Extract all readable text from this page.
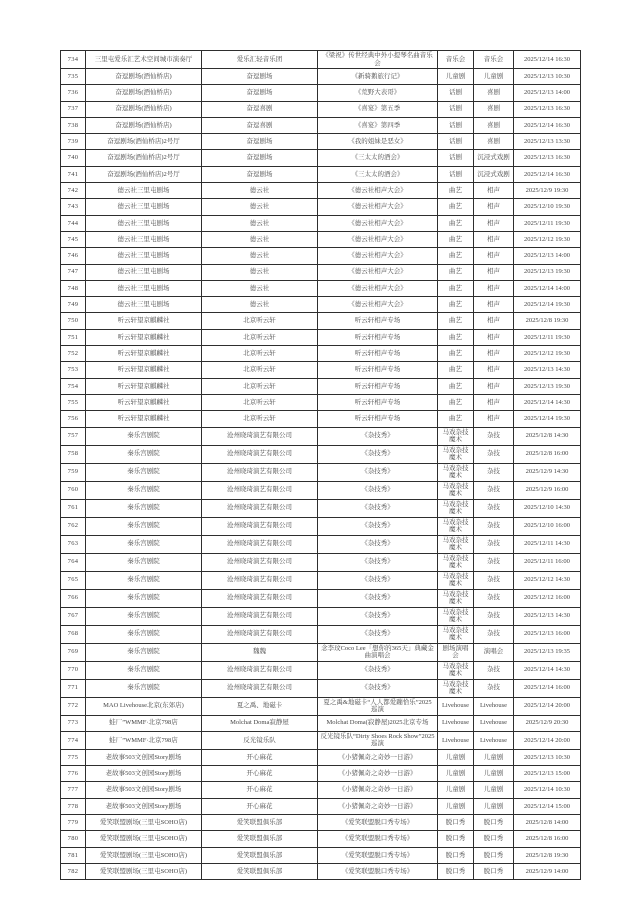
734	三里屯爱乐汇艺术空间城市演奏厅	爱乐汇轻音乐团	《梁祝》传世经典中外小提琴名曲音乐会	音乐会	音乐会	2025/12/14 16:30
735	奋逗剧场(酒仙桥店)	奋逗剧场	《新骑鹅旅行记》	儿童剧	儿童剧	2025/12/13 10:30
736	奋逗剧场(酒仙桥店)	奋逗剧场	《荒野大表哥》	话剧	喜剧	2025/12/13 14:00
737	奋逗剧场(酒仙桥店)	奋逗喜剧	《喜宴》第五季	话剧	喜剧	2025/12/13 16:30
738	奋逗剧场(酒仙桥店)	奋逗喜剧	《喜宴》第四季	话剧	喜剧	2025/12/14 16:30
739	奋逗剧场(酒仙桥店)2号厅	奋逗剧场	《我的姐妹是恶女》	话剧	喜剧	2025/12/13 13:30
740	奋逗剧场(酒仙桥店)2号厅	奋逗剧场	《三太太的酒会》	话剧	沉浸式戏剧	2025/12/13 16:30
741	奋逗剧场(酒仙桥店)2号厅	奋逗剧场	《三太太的酒会》	话剧	沉浸式戏剧	2025/12/14 16:30
742	德云社三里屯剧场	德云社	《德云社相声大会》	曲艺	相声	2025/12/9 19:30
743	德云社三里屯剧场	德云社	《德云社相声大会》	曲艺	相声	2025/12/10 19:30
744	德云社三里屯剧场	德云社	《德云社相声大会》	曲艺	相声	2025/12/11 19:30
745	德云社三里屯剧场	德云社	《德云社相声大会》	曲艺	相声	2025/12/12 19:30
746	德云社三里屯剧场	德云社	《德云社相声大会》	曲艺	相声	2025/12/13 14:00
747	德云社三里屯剧场	德云社	《德云社相声大会》	曲艺	相声	2025/12/13 19:30
748	德云社三里屯剧场	德云社	《德云社相声大会》	曲艺	相声	2025/12/14 14:00
749	德云社三里屯剧场	德云社	《德云社相声大会》	曲艺	相声	2025/12/14 19:30
750	听云轩望京麒麟社	北京听云轩	听云轩相声专场	曲艺	相声	2025/12/8 19:30
751	听云轩望京麒麟社	北京听云轩	听云轩相声专场	曲艺	相声	2025/12/11 19:30
752	听云轩望京麒麟社	北京听云轩	听云轩相声专场	曲艺	相声	2025/12/12 19:30
753	听云轩望京麒麟社	北京听云轩	听云轩相声专场	曲艺	相声	2025/12/13 14:30
754	听云轩望京麒麟社	北京听云轩	听云轩相声专场	曲艺	相声	2025/12/13 19:30
755	听云轩望京麒麟社	北京听云轩	听云轩相声专场	曲艺	相声	2025/12/14 14:30
756	听云轩望京麒麟社	北京听云轩	听云轩相声专场	曲艺	相声	2025/12/14 19:30
757	秦乐宫剧院	沧州晓琦演艺有限公司	《杂技秀》	马戏杂技魔术	杂技	2025/12/8 14:30
758	秦乐宫剧院	沧州晓琦演艺有限公司	《杂技秀》	马戏杂技魔术	杂技	2025/12/8 16:00
759	秦乐宫剧院	沧州晓琦演艺有限公司	《杂技秀》	马戏杂技魔术	杂技	2025/12/9 14:30
760	秦乐宫剧院	沧州晓琦演艺有限公司	《杂技秀》	马戏杂技魔术	杂技	2025/12/9 16:00
761	秦乐宫剧院	沧州晓琦演艺有限公司	《杂技秀》	马戏杂技魔术	杂技	2025/12/10 14:30
762	秦乐宫剧院	沧州晓琦演艺有限公司	《杂技秀》	马戏杂技魔术	杂技	2025/12/10 16:00
763	秦乐宫剧院	沧州晓琦演艺有限公司	《杂技秀》	马戏杂技魔术	杂技	2025/12/11 14:30
764	秦乐宫剧院	沧州晓琦演艺有限公司	《杂技秀》	马戏杂技魔术	杂技	2025/12/11 16:00
765	秦乐宫剧院	沧州晓琦演艺有限公司	《杂技秀》	马戏杂技魔术	杂技	2025/12/12 14:30
766	秦乐宫剧院	沧州晓琦演艺有限公司	《杂技秀》	马戏杂技魔术	杂技	2025/12/12 16:00
767	秦乐宫剧院	沧州晓琦演艺有限公司	《杂技秀》	马戏杂技魔术	杂技	2025/12/13 14:30
768	秦乐宫剧院	沧州晓琦演艺有限公司	《杂技秀》	马戏杂技魔术	杂技	2025/12/13 16:00
769	秦乐宫剧院	魏魏	念李玟Coco Lee「想你的365天」典藏金曲演唱会	剧场演唱会	演唱会	2025/12/13 19:35
770	秦乐宫剧院	沧州晓琦演艺有限公司	《杂技秀》	马戏杂技魔术	杂技	2025/12/14 14:30
771	秦乐宫剧院	沧州晓琦演艺有限公司	《杂技秀》	马戏杂技魔术	杂技	2025/12/14 16:00
772	MAO Livehouse北京(东郊店)	夏之禹、地磁卡	夏之禹&地磁卡“人人都爱蹦恰乐”2025 巡演	Livehouse	Livehouse	2025/12/14 20:00
773	蛙厂”WMMF·北京798店	Molchat Doma寂静屋	Molchat Doma(寂静屋)2025北京专场	Livehouse	Livehouse	2025/12/9 20:30
774	蛙厂”WMMF·北京798店	反光镜乐队	反光镜乐队“Dirty Shoes Rock Show”2025巡演	Livehouse	Livehouse	2025/12/14 20:00
775	老故事503文创园Story剧场	开心麻花	《小猪佩奇之奇妙一日游》	儿童剧	儿童剧	2025/12/13 10:30
776	老故事503文创园Story剧场	开心麻花	《小猪佩奇之奇妙一日游》	儿童剧	儿童剧	2025/12/13 15:00
777	老故事503文创园Story剧场	开心麻花	《小猪佩奇之奇妙一日游》	儿童剧	儿童剧	2025/12/14 10:30
778	老故事503文创园Story剧场	开心麻花	《小猪佩奇之奇妙一日游》	儿童剧	儿童剧	2025/12/14 15:00
779	爱笑联盟剧场(三里屯SOHO店)	爱笑联盟俱乐部	《爱笑联盟脱口秀专场》	脱口秀	脱口秀	2025/12/8 14:00
780	爱笑联盟剧场(三里屯SOHO店)	爱笑联盟俱乐部	《爱笑联盟脱口秀专场》	脱口秀	脱口秀	2025/12/8 16:00
781	爱笑联盟剧场(三里屯SOHO店)	爱笑联盟俱乐部	《爱笑联盟脱口秀专场》	脱口秀	脱口秀	2025/12/8 19:30
782	爱笑联盟剧场(三里屯SOHO店)	爱笑联盟俱乐部	《爱笑联盟脱口秀专场》	脱口秀	脱口秀	2025/12/9 14:00
